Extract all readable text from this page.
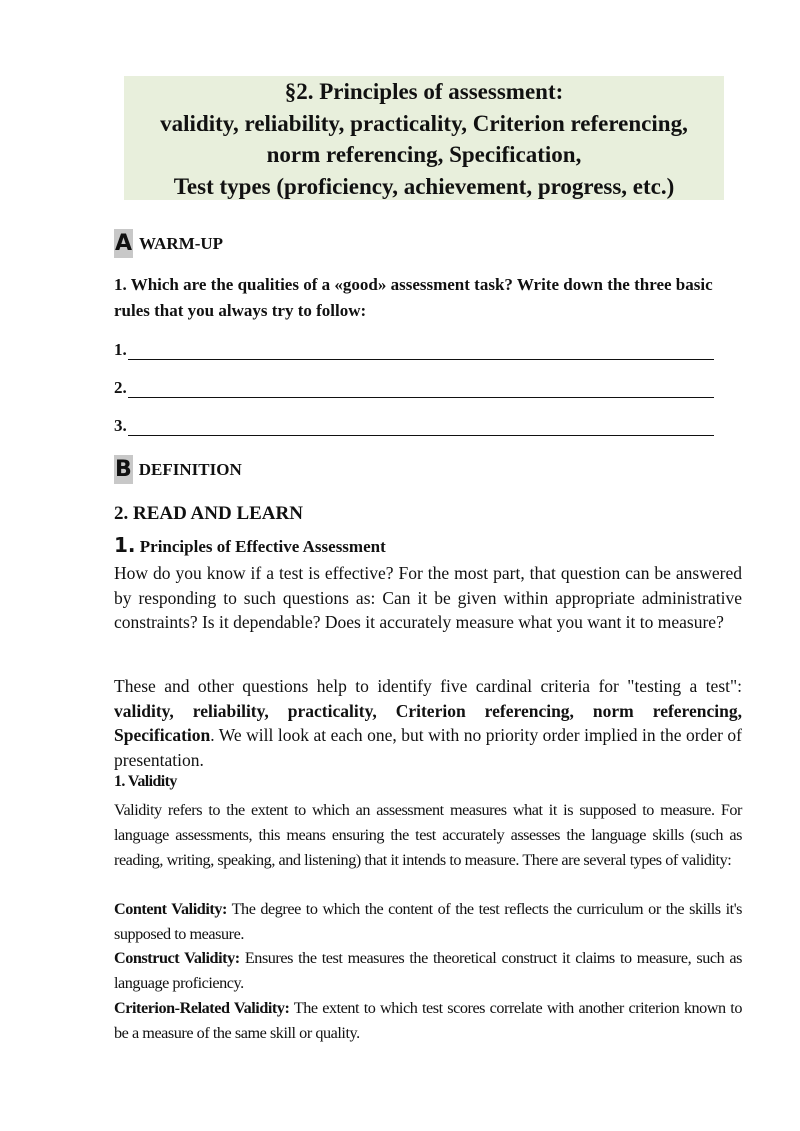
§2. Principles of assessment:
validity, reliability, practicality, Criterion referencing,
norm referencing, Specification,
Test types (proficiency, achievement, progress, etc.)
A WARM-UP
1. Which are the qualities of a «good» assessment task? Write down the three basic rules that you always try to follow:
1.
2.
3.
B DEFINITION
2. READ AND LEARN
1. Principles of Effective Assessment
How do you know if a test is effective? For the most part, that question can be answered by responding to such questions as: Can it be given within appropriate administrative constraints? Is it dependable? Does it accurately measure what you want it to measure?
These and other questions help to identify five cardinal criteria for "testing a test": validity, reliability, practicality, Criterion referencing, norm referencing, Specification. We will look at each one, but with no priority order implied in the order of presentation.
1. Validity
Validity refers to the extent to which an assessment measures what it is supposed to measure. For language assessments, this means ensuring the test accurately assesses the language skills (such as reading, writing, speaking, and listening) that it intends to measure. There are several types of validity:
Content Validity: The degree to which the content of the test reflects the curriculum or the skills it's supposed to measure.
Construct Validity: Ensures the test measures the theoretical construct it claims to measure, such as language proficiency.
Criterion-Related Validity: The extent to which test scores correlate with another criterion known to be a measure of the same skill or quality.
